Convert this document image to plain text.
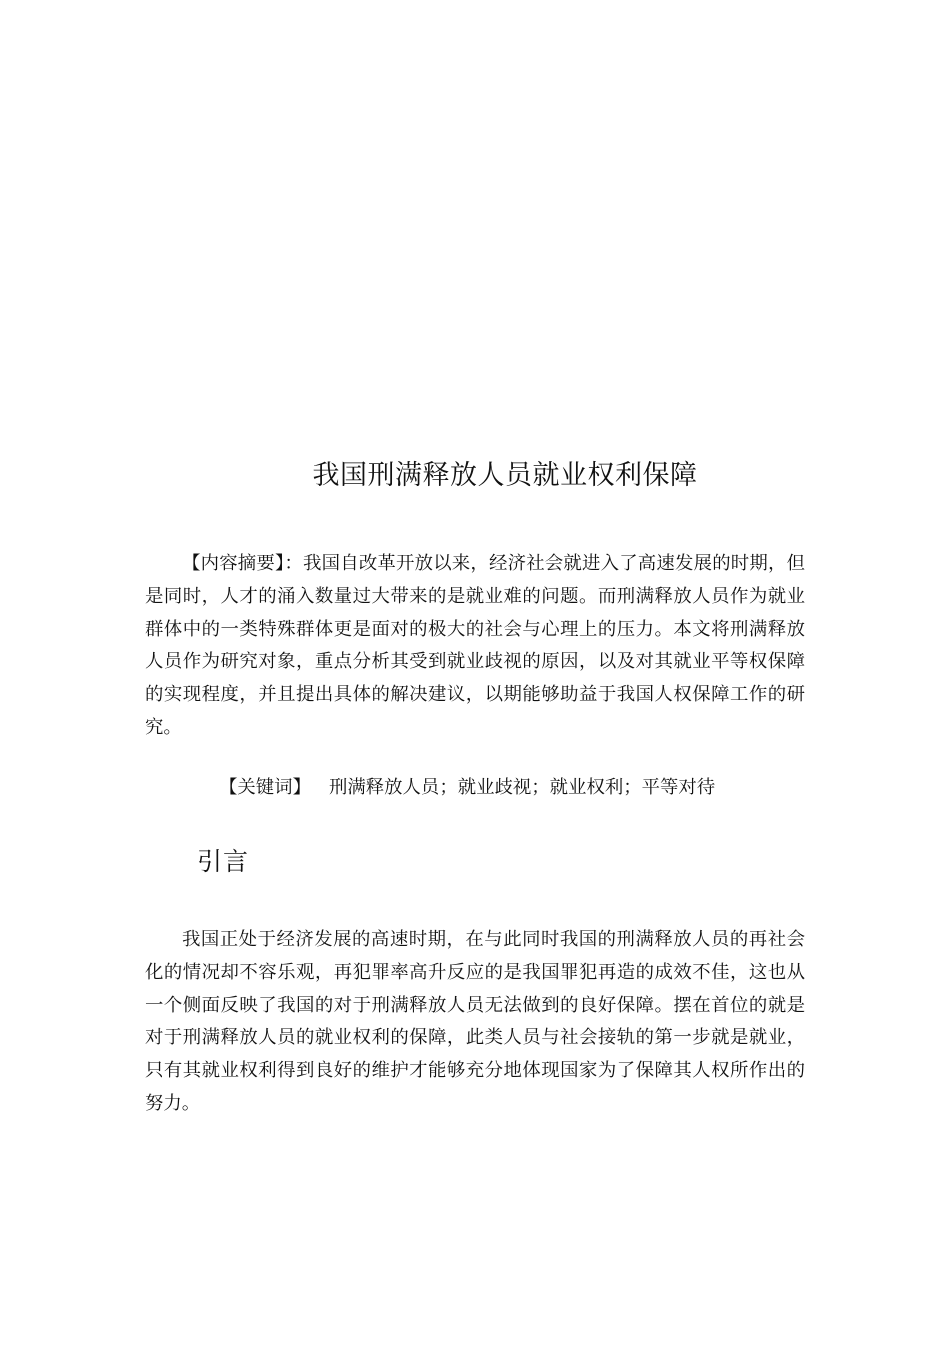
我国刑满释放人员就业权利保障

【内容摘要】：我国自改革开放以来，经济社会就进入了高速发展的时期，但是同时，人才的涌入数量过大带来的是就业难的问题。而刑满释放人员作为就业群体中的一类特殊群体更是面对的极大的社会与心理上的压力。本文将刑满释放人员作为研究对象，重点分析其受到就业歧视的原因，以及对其就业平等权保障的实现程度，并且提出具体的解决建议，以期能够助益于我国人权保障工作的研究。

【关键词】 刑满释放人员；就业歧视；就业权利；平等对待

引言

我国正处于经济发展的高速时期，在与此同时我国的刑满释放人员的再社会化的情况却不容乐观，再犯罪率高升反应的是我国罪犯再造的成效不佳，这也从一个侧面反映了我国的对于刑满释放人员无法做到的良好保障。摆在首位的就是对于刑满释放人员的就业权利的保障，此类人员与社会接轨的第一步就是就业，只有其就业权利得到良好的维护才能够充分地体现国家为了保障其人权所作出的努力。
